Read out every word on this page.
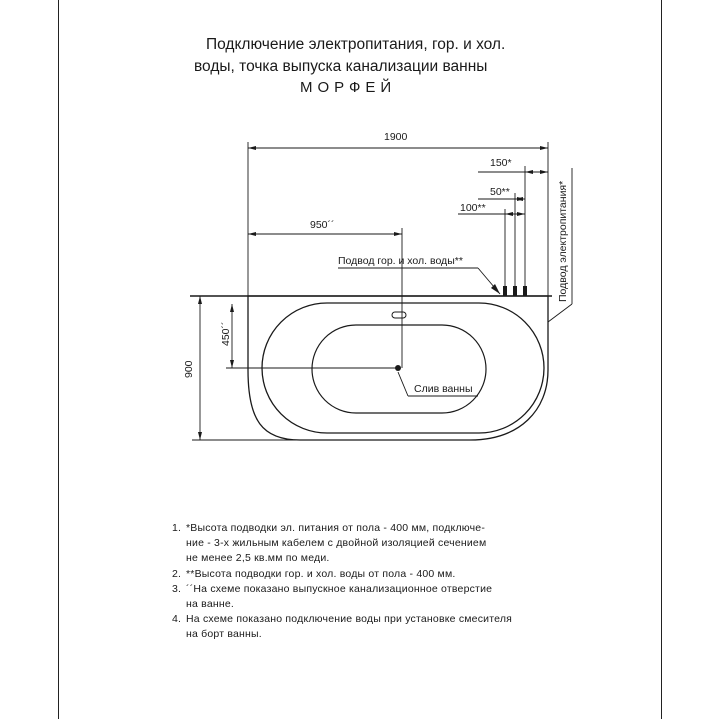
Подключение электропитания, гор. и хол.
воды, точка выпуска канализации ванны
МОРФЕЙ
1900
150*
50**
100**
950´´
900
450´´
Подвод гор. и хол. воды**	Подвод электропитания*
Слив ванны
1. *Высота подводки эл. питания от пола - 400 мм, подключе-
ние - 3-х жильным кабелем с двойной изоляцией сечением
не менее 2,5 кв.мм по меди.
2. **Высота подводки гор. и хол. воды от пола - 400 мм.
3. ´´На схеме показано выпускное канализационное отверстие
на ванне.
4. На схеме показано подключение воды при установке смесителя
на борт ванны.
